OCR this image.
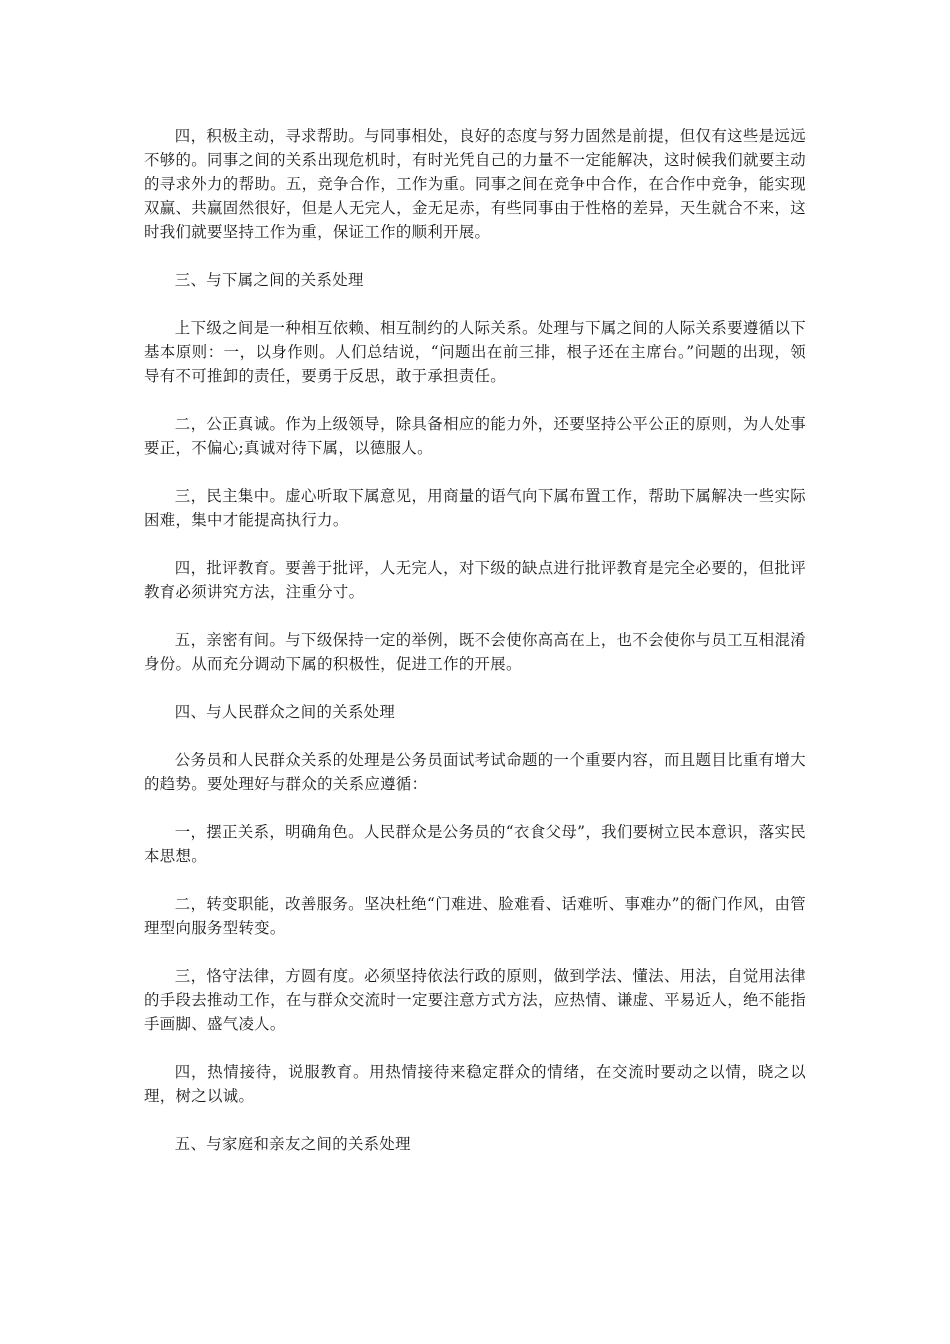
四，积极主动，寻求帮助。与同事相处，良好的态度与努力固然是前提，但仅有这些是远远不够的。同事之间的关系出现危机时，有时光凭自己的力量不一定能解决，这时候我们就要主动的寻求外力的帮助。五，竞争合作，工作为重。同事之间在竞争中合作，在合作中竞争，能实现双赢、共赢固然很好，但是人无完人，金无足赤，有些同事由于性格的差异，天生就合不来，这时我们就要坚持工作为重，保证工作的顺利开展。

三、与下属之间的关系处理

上下级之间是一种相互依赖、相互制约的人际关系。处理与下属之间的人际关系要遵循以下基本原则：一，以身作则。人们总结说，“问题出在前三排，根子还在主席台。”问题的出现，领导有不可推卸的责任，要勇于反思，敢于承担责任。

二，公正真诚。作为上级领导，除具备相应的能力外，还要坚持公平公正的原则，为人处事要正，不偏心;真诚对待下属，以德服人。

三，民主集中。虚心听取下属意见，用商量的语气向下属布置工作，帮助下属解决一些实际困难，集中才能提高执行力。

四，批评教育。要善于批评，人无完人，对下级的缺点进行批评教育是完全必要的，但批评教育必须讲究方法，注重分寸。

五，亲密有间。与下级保持一定的举例，既不会使你高高在上，也不会使你与员工互相混淆身份。从而充分调动下属的积极性，促进工作的开展。

四、与人民群众之间的关系处理

公务员和人民群众关系的处理是公务员面试考试命题的一个重要内容，而且题目比重有增大的趋势。要处理好与群众的关系应遵循：

一，摆正关系，明确角色。人民群众是公务员的“衣食父母”，我们要树立民本意识，落实民本思想。

二，转变职能，改善服务。坚决杜绝“门难进、脸难看、话难听、事难办”的衙门作风，由管理型向服务型转变。

三，恪守法律，方圆有度。必须坚持依法行政的原则，做到学法、懂法、用法，自觉用法律的手段去推动工作，在与群众交流时一定要注意方式方法，应热情、谦虚、平易近人，绝不能指手画脚、盛气凌人。

四，热情接待，说服教育。用热情接待来稳定群众的情绪，在交流时要动之以情，晓之以理，树之以诚。

五、与家庭和亲友之间的关系处理
